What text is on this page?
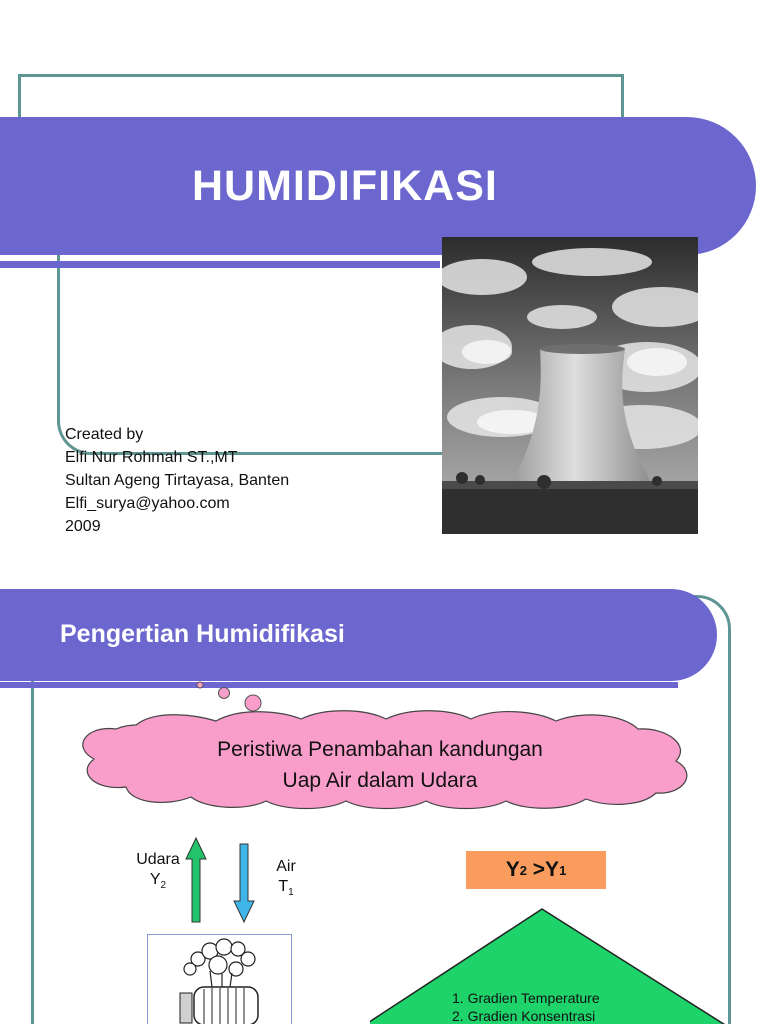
HUMIDIFIKASI
Created by
Elfi Nur Rohmah ST.,MT
Sultan Ageng Tirtayasa, Banten
Elfi_surya@yahoo.com
2009
Pengertian Humidifikasi
Peristiwa Penambahan kandungan
Uap Air dalam Udara
Udara
$Y_2$
Air
$T_1$
Y 2 >Y 1
1. Gradien Temperature
2. Gradien Konsentrasi
